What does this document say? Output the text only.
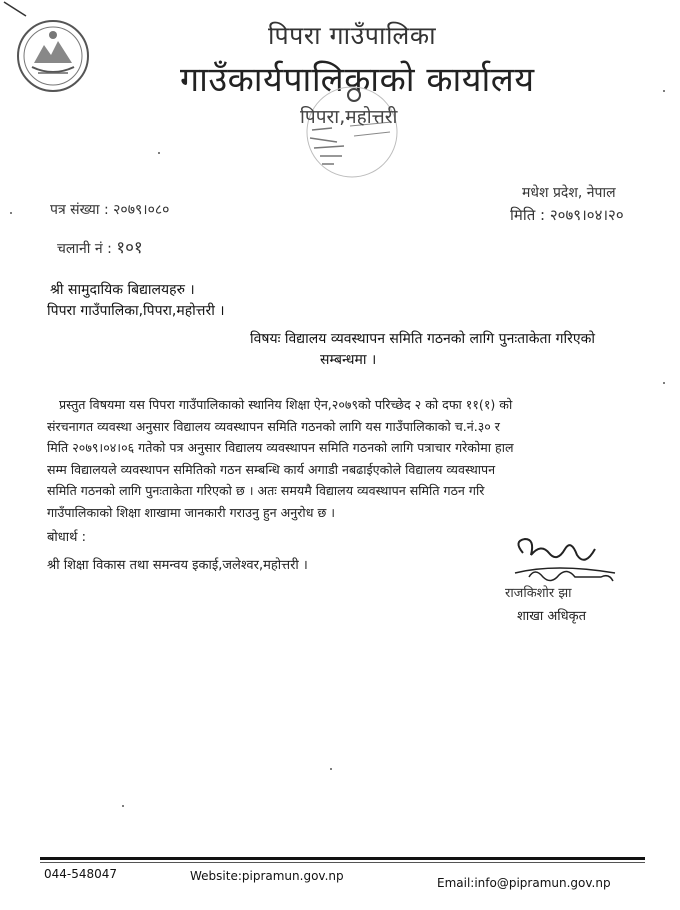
पिपरा गाउँपालिका
गाउँकार्यपालिकाको कार्यालय
पिपरा,महोत्तरी
मधेश प्रदेश, नेपाल
मिति : २०७९।०४।२०
पत्र संख्या : २०७९।०८०
चलानी नं : १०१
श्री सामुदायिक बिद्यालयहरु ।
पिपरा गाउँपालिका,पिपरा,महोत्तरी ।
विषयः विद्यालय व्यवस्थापन समिति गठनको लागि पुनःताकेता गरिएको
सम्बन्धमा ।
प्रस्तुत विषयमा यस पिपरा गाउँपालिकाको स्थानिय शिक्षा ऐन,२०७९को परिच्छेद २ को दफा ११(१) को
संरचनागत व्यवस्था अनुसार विद्यालय व्यवस्थापन समिति गठनको लागि यस गाउँपालिकाको च.नं.३० र
मिति २०७९।०४।०६ गतेको पत्र अनुसार विद्यालय व्यवस्थापन समिति गठनको लागि पत्राचार गरेकोमा हाल
सम्म विद्यालयले व्यवस्थापन समितिको गठन सम्बन्धि कार्य अगाडी नबढाईएकोले विद्यालय व्यवस्थापन
समिति गठनको लागि पुनःताकेता गरिएको छ । अतः समयमै विद्यालय व्यवस्थापन समिति गठन गरि
गाउँपालिकाको शिक्षा शाखामा जानकारी गराउनु हुन अनुरोध छ ।
बोधार्थ :
श्री शिक्षा विकास तथा समन्वय इकाई,जलेश्वर,महोत्तरी ।
राजकिशोर झा
शाखा अधिकृत
044-548047	Website:pipramun.gov.np	Email:info@pipramun.gov.np
